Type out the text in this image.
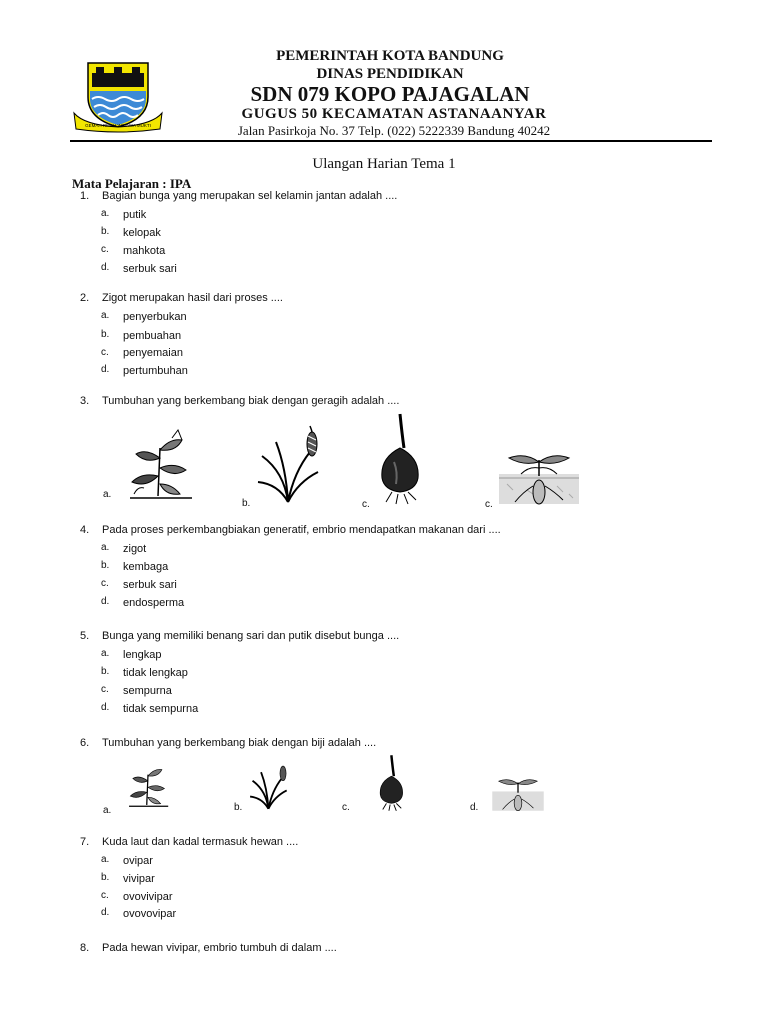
GEMAH RIPAH WIBAWA MUKTI
PEMERINTAH KOTA BANDUNG
DINAS PENDIDIKAN
SDN 079 KOPO PAJAGALAN
GUGUS 50 KECAMATAN ASTANAANYAR
Jalan Pasirkoja No. 37 Telp. (022) 5222339 Bandung 40242
Ulangan Harian Tema 1
Mata Pelajaran : IPA
1. Bagian bunga yang merupakan sel kelamin jantan adalah ....
a. putik
b. kelopak
c. mahkota
d. serbuk sari
2. Zigot merupakan hasil dari proses ....
a. penyerbukan
b. pembuahan
c. penyemaian
d. pertumbuhan
3. Tumbuhan yang berkembang biak dengan geragih adalah ....
a.
b.	c.	c.
4. Pada proses perkembangbiakan generatif, embrio mendapatkan makanan dari ....
a. zigot
b. kembaga
c. serbuk sari
d. endosperma
5. Bunga yang memiliki benang sari dan putik disebut bunga ....
a. lengkap
b. tidak lengkap
c. sempurna
d. tidak sempurna
6. Tumbuhan yang berkembang biak dengan biji adalah ....
a.	b.	c.	d.
7. Kuda laut dan kadal termasuk hewan ....
a. ovipar
b. vivipar
c. ovovivipar
d. ovovovipar
8. Pada hewan vivipar, embrio tumbuh di dalam ....
